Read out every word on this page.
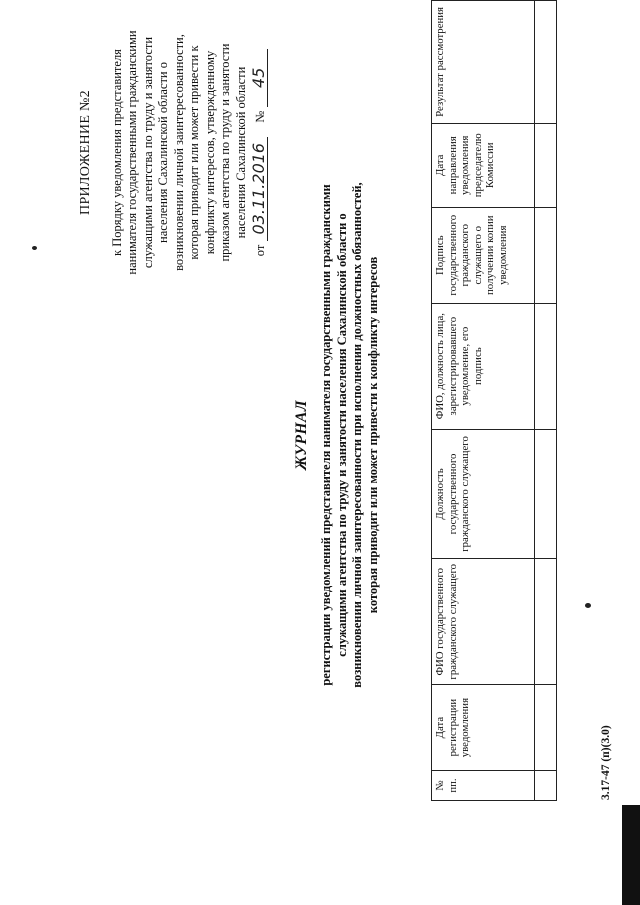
ПРИЛОЖЕНИЕ №2 к Порядку уведомления представителя нанимателя государственными гражданскими служащими агентства по труду и занятости населения Сахалинской области о возникновении личной заинтересованности, которая приводит или может привести к конфликту интересов, утвержденному приказом агентства по труду и занятости населения Сахалинской области
от
03.11.2016
№
45
ЖУРНАЛ регистрации уведомлений представителя нанимателя государственными гражданскими служащими агентства по труду и занятости населения Сахалинской области о возникновении личной заинтересованности при исполнении должностных обязанностей, которая приводит или может привести к конфликту интересов
№ пп.	Дата регистрации уведомления	ФИО государственного гражданского служащего	Должность государственного гражданского служащего	ФИО, должность лица, зарегистрировавшего уведомление, его подпись	Подпись государственного гражданского служащего о получении копии уведомления	Дата направления уведомления председателю Комиссии	Результат рассмотрения

3.17-47 (п)(3.0)
